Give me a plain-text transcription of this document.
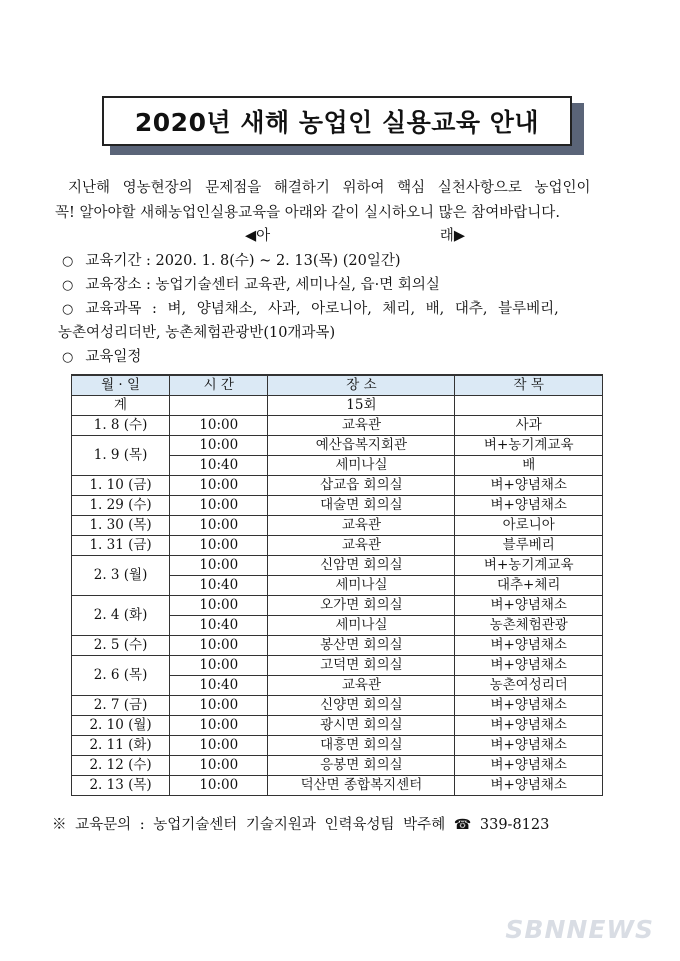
2020년 새해 농업인 실용교육 안내
지난해 영농현장의 문제점을 해결하기 위하여 핵심 실천사항으로 농업인이
꼭! 알아야할 새해농업인실용교육을 아래와 같이 실시하오니 많은 참여바랍니다.
◀아	래▶
○ 교육기간 : 2020. 1. 8(수) ~ 2. 13(목) (20일간)
○ 교육장소 : 농업기술센터 교육관, 세미나실, 읍·면 회의실
○ 교육과목 : 벼, 양념채소, 사과, 아로니아, 체리, 배, 대추, 블루베리,
농촌여성리더반, 농촌체험관광반(10개과목)
○ 교육일정
월 · 일	시 간	장 소	작 목
계		15회	
1. 8 (수)	10:00	교육관	사과
1. 9 (목)	10:00	예산읍복지회관	벼+농기계교육
	10:40	세미나실	배
1. 10 (금)	10:00	삽교읍 회의실	벼+양념채소
1. 29 (수)	10:00	대술면 회의실	벼+양념채소
1. 30 (목)	10:00	교육관	아로니아
1. 31 (금)	10:00	교육관	블루베리
2. 3 (월)	10:00	신암면 회의실	벼+농기계교육
	10:40	세미나실	대추+체리
2. 4 (화)	10:00	오가면 회의실	벼+양념채소
	10:40	세미나실	농촌체험관광
2. 5 (수)	10:00	봉산면 회의실	벼+양념채소
2. 6 (목)	10:00	고덕면 회의실	벼+양념채소
	10:40	교육관	농촌여성리더
2. 7 (금)	10:00	신양면 회의실	벼+양념채소
2. 10 (월)	10:00	광시면 회의실	벼+양념채소
2. 11 (화)	10:00	대흥면 회의실	벼+양념채소
2. 12 (수)	10:00	응봉면 회의실	벼+양념채소
2. 13 (목)	10:00	덕산면 종합복지센터	벼+양념채소
※ 교육문의 : 농업기술센터 기술지원과 인력육성팀 박주혜 ☎ 339-8123
SBNNEWS
